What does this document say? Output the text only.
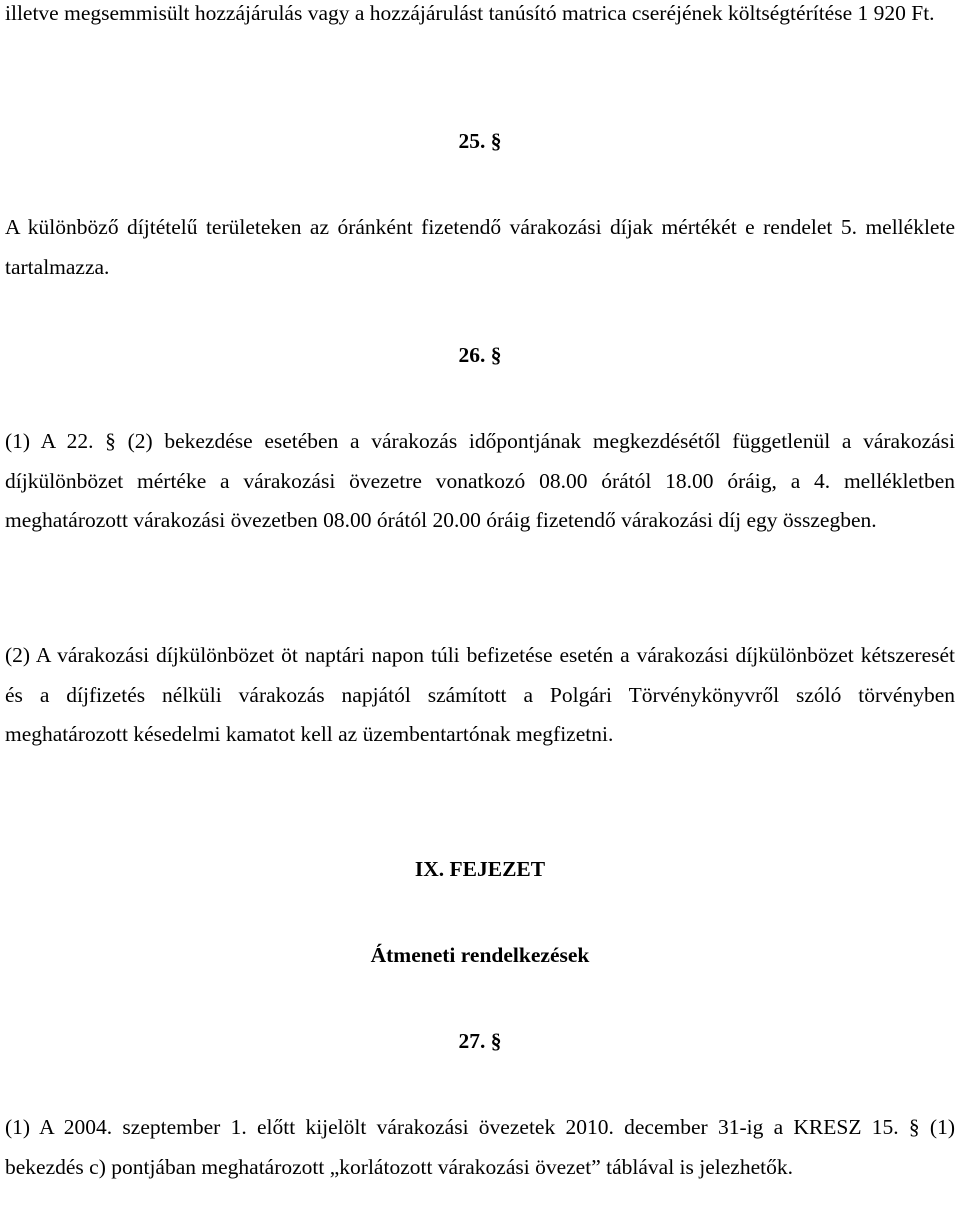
illetve megsemmisült hozzájárulás vagy a hozzájárulást tanúsító matrica cseréjének költségtérítése 1 920 Ft.

25. §

A különböző díjtételű területeken az óránként fizetendő várakozási díjak mértékét e rendelet 5. melléklete tartalmazza.

26. §

(1) A 22. § (2) bekezdése esetében a várakozás időpontjának megkezdésétől függetlenül a várakozási díjkülönbözet mértéke a várakozási övezetre vonatkozó 08.00 órától 18.00 óráig, a 4. mellékletben meghatározott várakozási övezetben 08.00 órától 20.00 óráig fizetendő várakozási díj egy összegben.

(2) A várakozási díjkülönbözet öt naptári napon túli befizetése esetén a várakozási díjkülönbözet kétszeresét és a díjfizetés nélküli várakozás napjától számított a Polgári Törvénykönyvről szóló törvényben meghatározott késedelmi kamatot kell az üzembentartónak megfizetni.

IX. FEJEZET

Átmeneti rendelkezések

27. §

(1) A 2004. szeptember 1. előtt kijelölt várakozási övezetek 2010. december 31-ig a KRESZ 15. § (1) bekezdés c) pontjában meghatározott „korlátozott várakozási övezet” táblával is jelezhetők.
